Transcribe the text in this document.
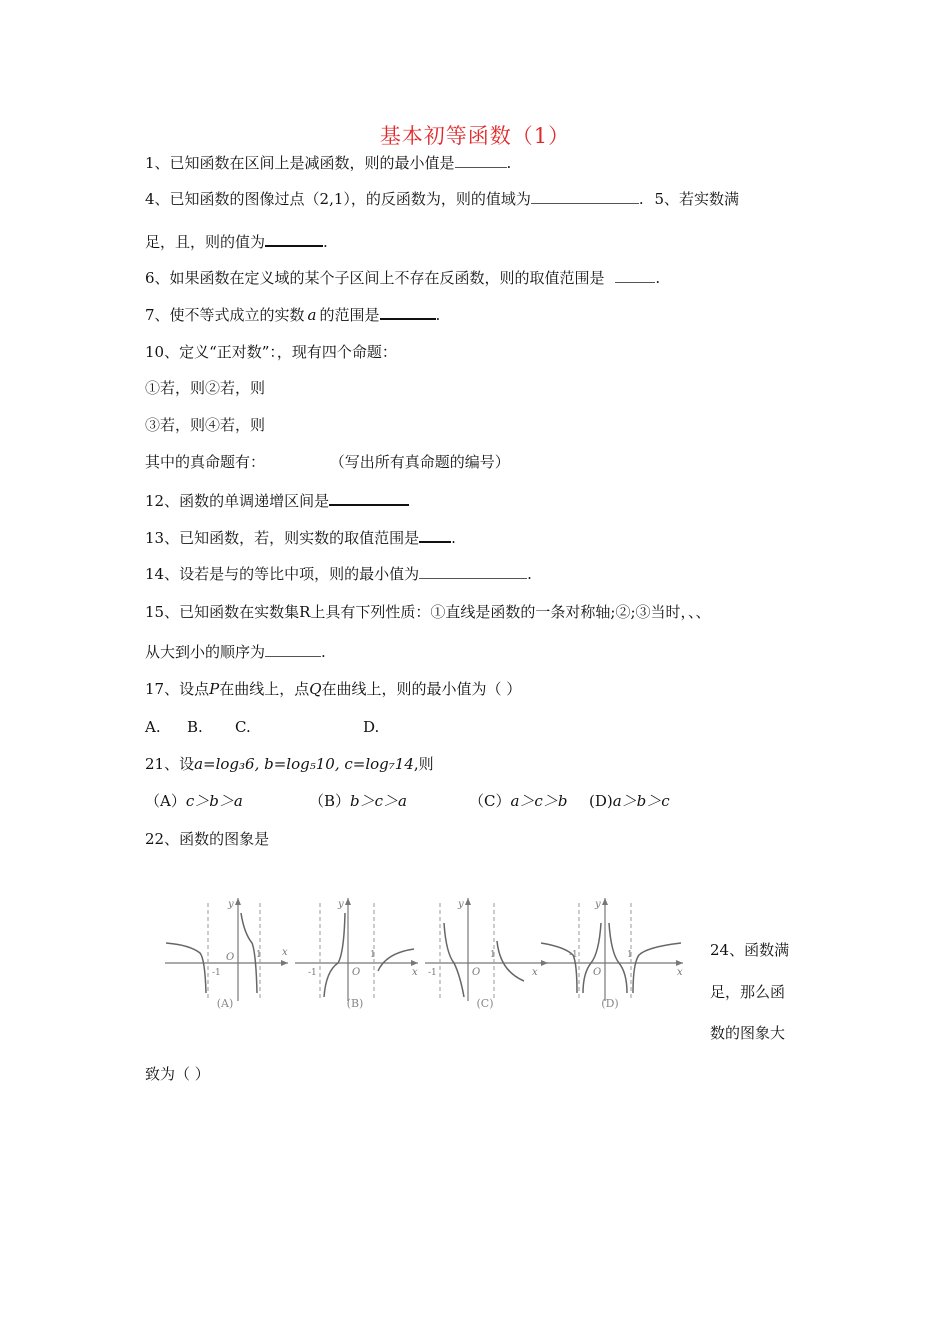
基本初等函数（1）
1、已知函数在区间上是减函数，则的最小值是	.
4、已知函数的图像过点（2,1），的反函数为，则的值域为	. 5、若实数满
足，且，则的值为	.
6、如果函数在定义域的某个子区间上不存在反函数，则的取值范围是	.
7、使不等式成立的实数 a 的范围是	.
10、定义“正对数”：，现有四个命题：
①若，则②若，则
③若，则④若，则
其中的真命题有：	（写出所有真命题的编号）
12、函数的单调递增区间是
13、已知函数，若，则实数的取值范围是 .
14、设若是与的等比中项，则的最小值为	.
15、已知函数在实数集R上具有下列性质：①直线是函数的一条对称轴;②;③当时，、、
从大到小的顺序为	.
17、设点P在曲线上，点Q在曲线上，则的最小值为（ ）
A. B. C.	D.
21、设a=log₃6, b=log₅10, c=log₇14,则
（A）c＞b＞a	（B）b＞c＞a	（C）a＞c＞b (D)a＞b＞c
22、函数的图象是
y
x
O 1
-1
(A)
y
x
O
1
-1
(B)
y
x
O
1
-1
(C)
y
x
O
1
-1
(D)
24、函数满
足，那么函
数的图象大
致为（ ）
